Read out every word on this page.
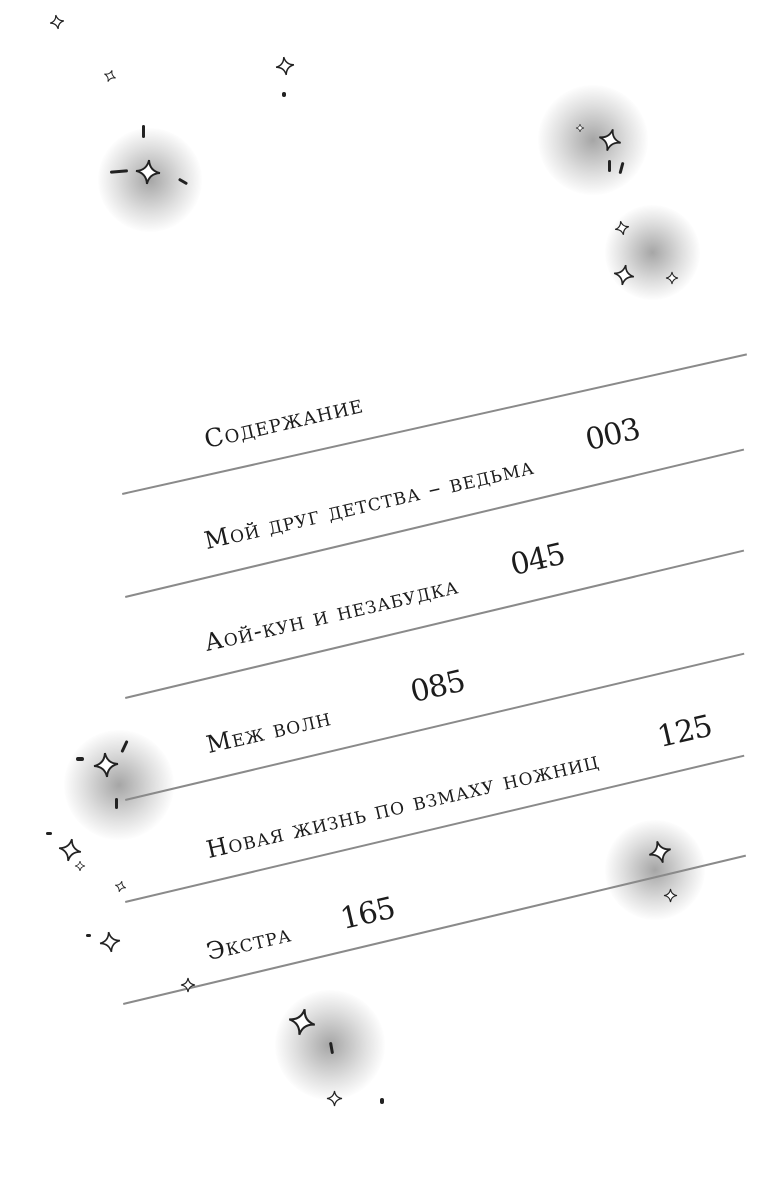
Содержание
Мой друг детства – ведьма
003
Аой-кун и незабудка
045
Меж волн
085
Новая жизнь по взмаху ножниц
125
Экстра
165
